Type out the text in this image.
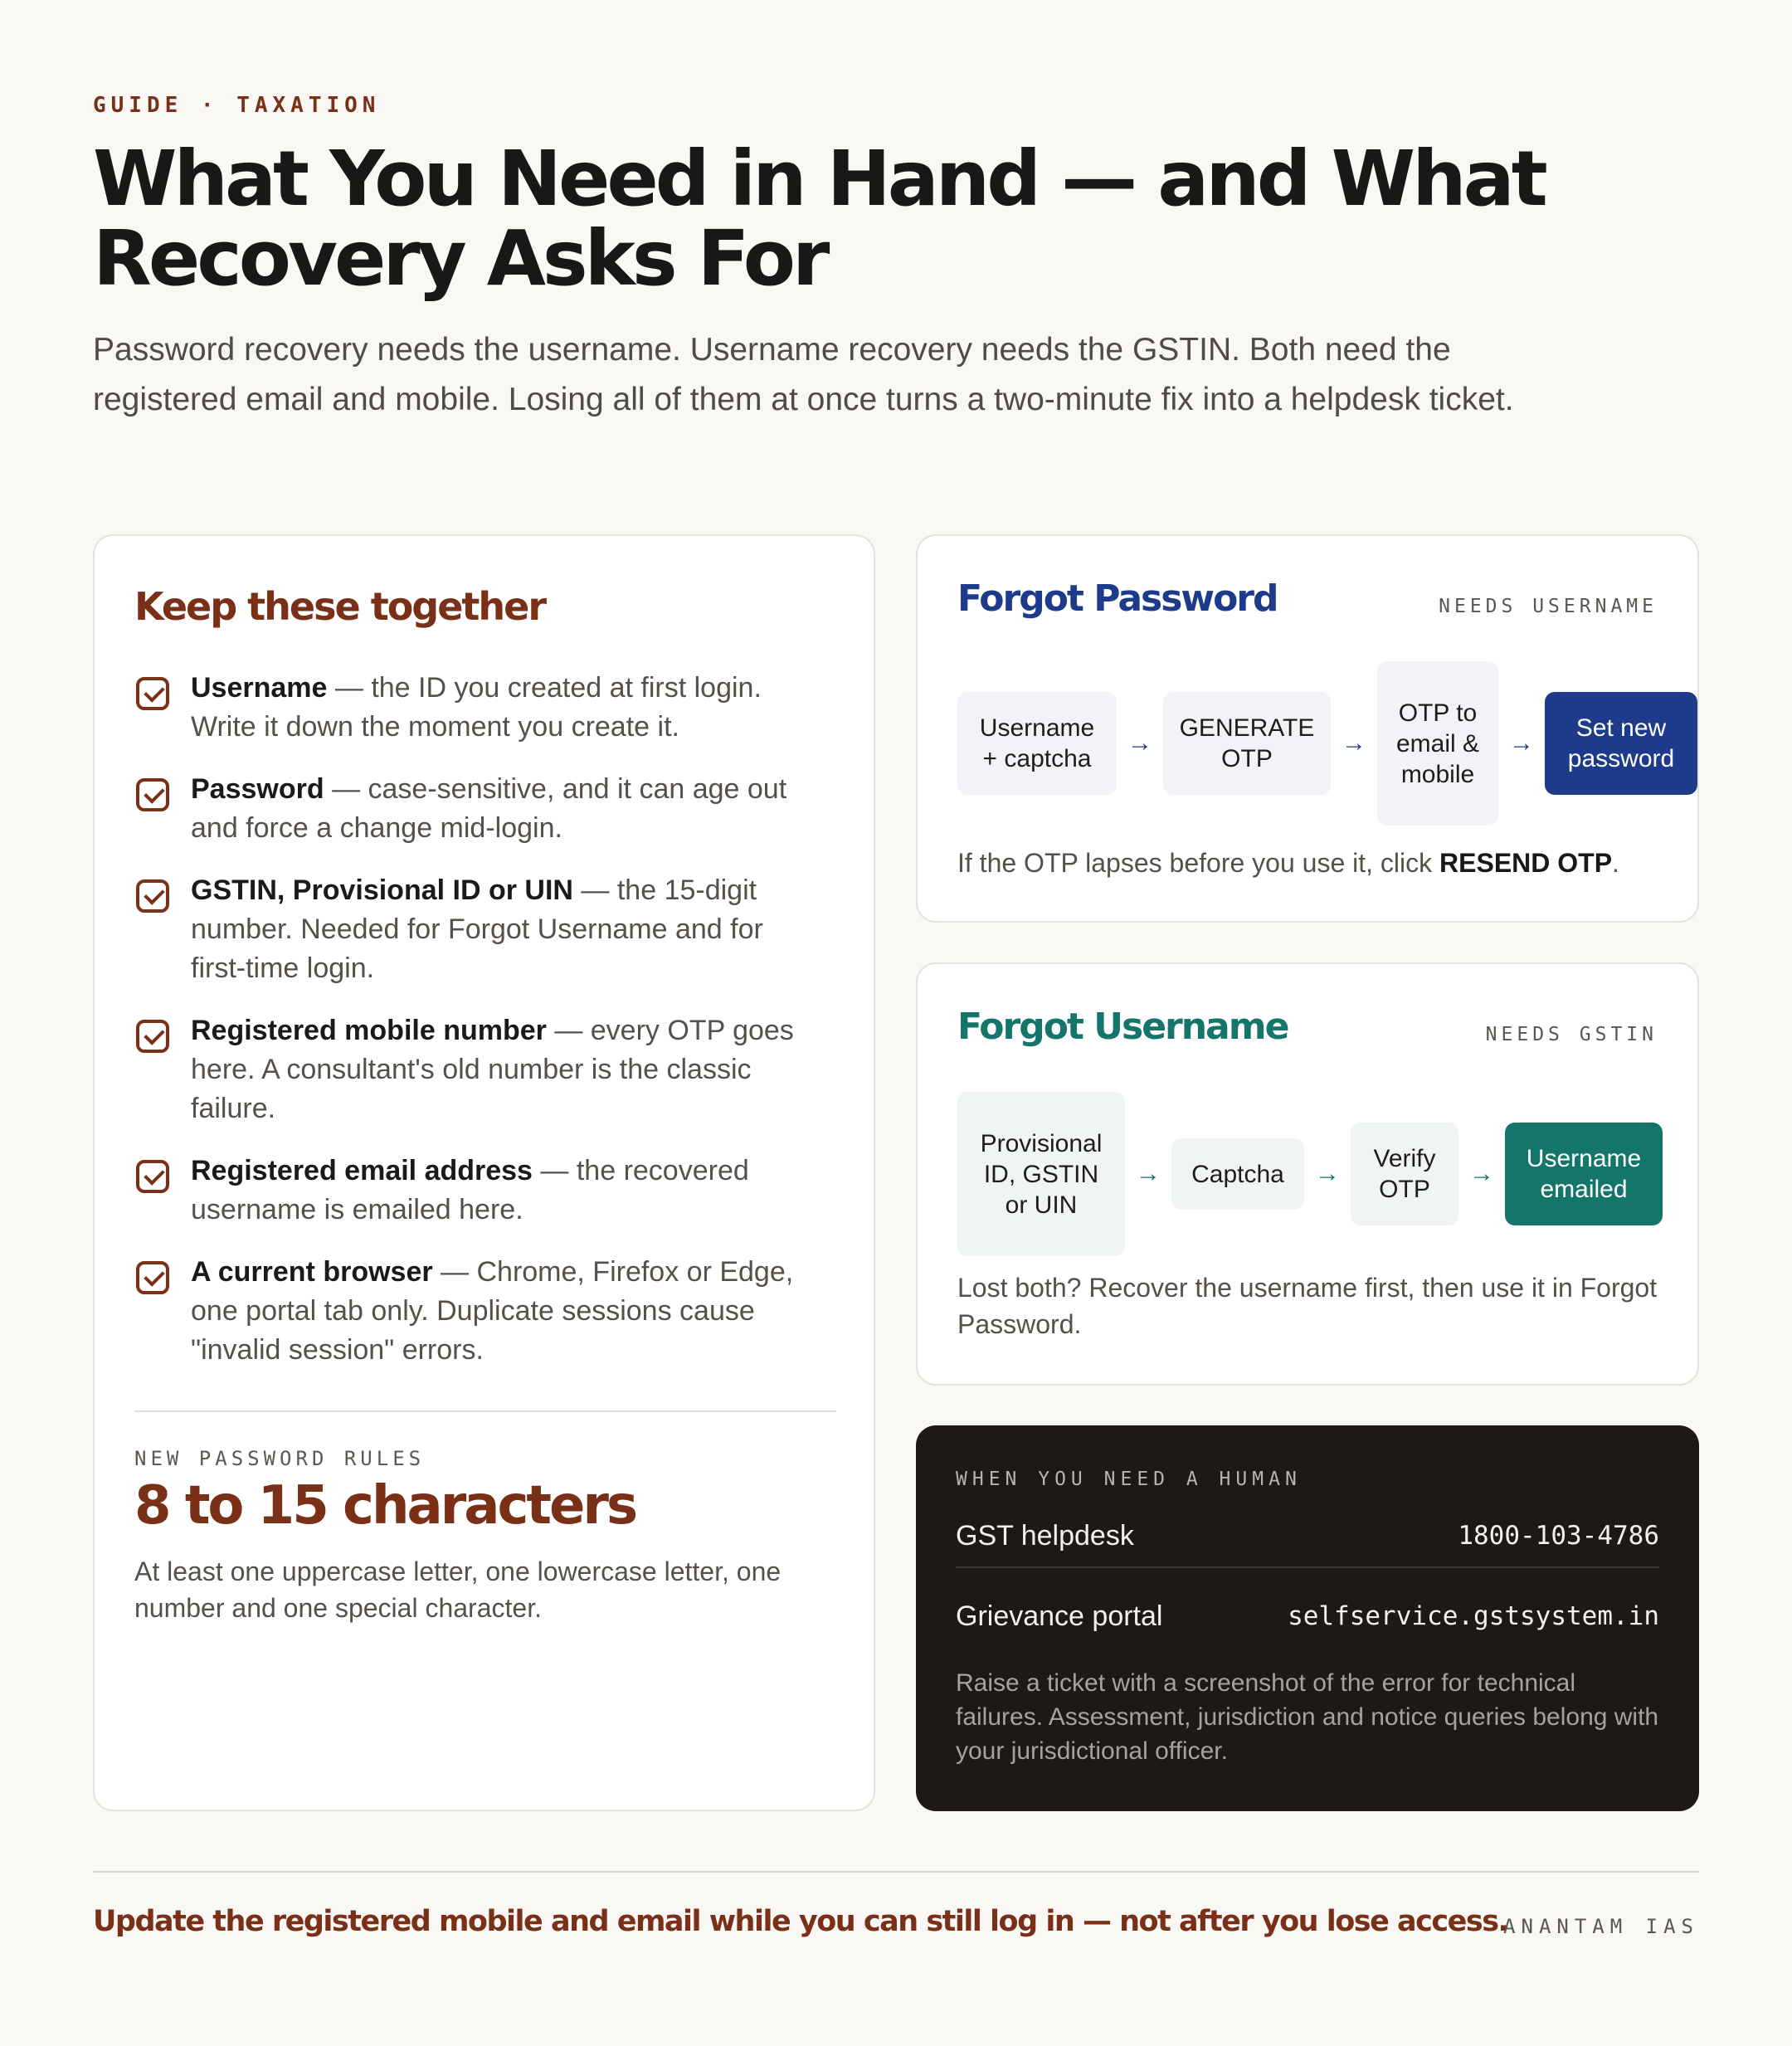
GUIDE · TAXATION
What You Need in Hand — and What Recovery Asks For

Password recovery needs the username. Username recovery needs the GSTIN. Both need the registered email and mobile. Losing all of them at once turns a two-minute fix into a helpdesk ticket.

Keep these together
Username — the ID you created at first login. Write it down the moment you create it.
Password — case-sensitive, and it can age out and force a change mid-login.
GSTIN, Provisional ID or UIN — the 15-digit number. Needed for Forgot Username and for first-time login.
Registered mobile number — every OTP goes here. A consultant's old number is the classic failure.
Registered email address — the recovered username is emailed here.
A current browser — Chrome, Firefox or Edge, one portal tab only. Duplicate sessions cause "invalid session" errors.
NEW PASSWORD RULES
8 to 15 characters

At least one uppercase letter, one lowercase letter, one number and one special character.

Forgot Password	NEEDS USERNAME
Username + captcha
→
GENERATE OTP
→
OTP to email & mobile
→
Set new password

If the OTP lapses before you use it, click RESEND OTP.

Forgot Username	NEEDS GSTIN
Provisional ID, GSTIN or UIN
→	Captcha	→
Verify OTP
→
Username emailed

Lost both? Recover the username first, then use it in Forgot Password.

WHEN YOU NEED A HUMAN
GST helpdesk	1800-103-4786
Grievance portal	selfservice.gstsystem.in

Raise a ticket with a screenshot of the error for technical failures. Assessment, jurisdiction and notice queries belong with your jurisdictional officer.

Update the registered mobile and email while you can still log in — not after you lose access.
ANANTAM IAS
